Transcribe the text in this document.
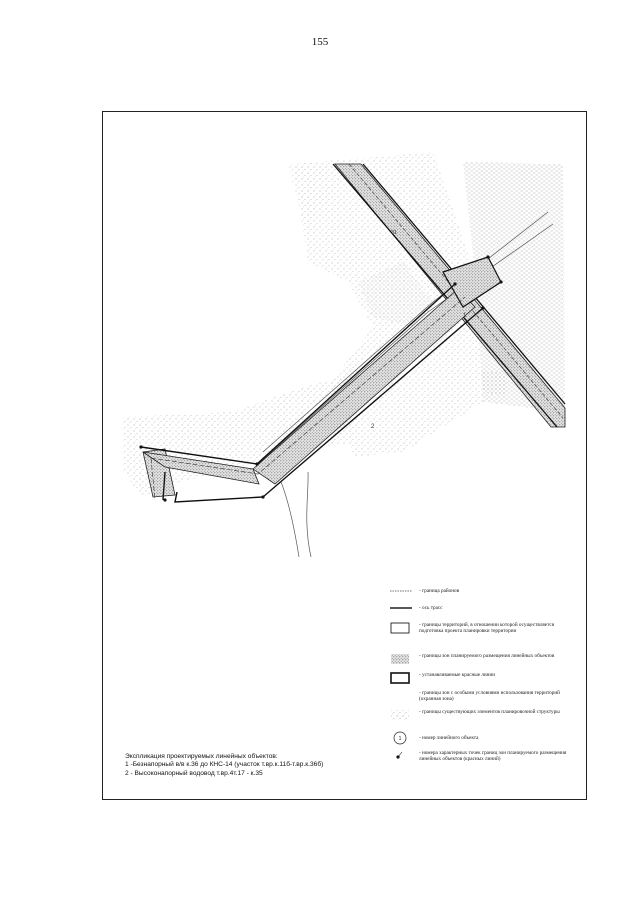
155
1
2
31
- граница районов
- ось трасс
- границы территорий, в отношении которой осуществляется подготовка проекта планировки территории
- границы зон планируемого размещения линейных объектов
- устанавливаемые красные линии
- границы зон с особыми условиями использования территорий (охранная зона)
- границы существующих элементов планировочной структуры
1	- номер линейного объекта
- номера характерных точек границ зон планируемого размещения линейных объектов (красных линий)
Экспликация проектируемых линейных объектов:
1 -Безнапорный в/в к.36 до КНС-14 (участок т.вр.к.11б-т.вр.к.36б)
2 - Высоконапорный водовод т.вр.4т.17 - к.35
